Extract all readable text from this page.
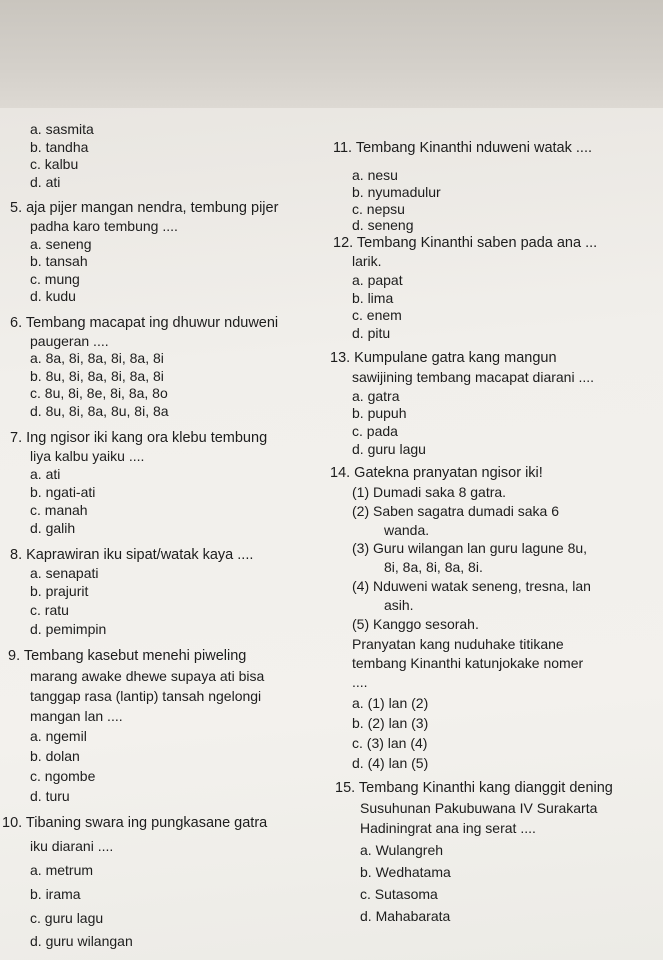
a. sasmita
b. tandha
c. kalbu
d. ati
5. aja pijer mangan nendra, tembung pijer
padha karo tembung ....
a. seneng
b. tansah
c. mung
d. kudu
6. Tembang macapat ing dhuwur nduweni
paugeran ....
a. 8a, 8i, 8a, 8i, 8a, 8i
b. 8u, 8i, 8a, 8i, 8a, 8i
c. 8u, 8i, 8e, 8i, 8a, 8o
d. 8u, 8i, 8a, 8u, 8i, 8a
7. Ing ngisor iki kang ora klebu tembung
liya kalbu yaiku ....
a. ati
b. ngati-ati
c. manah
d. galih
8. Kaprawiran iku sipat/watak kaya ....
a. senapati
b. prajurit
c. ratu
d. pemimpin
9. Tembang kasebut menehi piweling
marang awake dhewe supaya ati bisa
tanggap rasa (lantip) tansah ngelongi
mangan lan ....
a. ngemil
b. dolan
c. ngombe
d. turu
10. Tibaning swara ing pungkasane gatra
iku diarani ....
a. metrum
b. irama
c. guru lagu
d. guru wilangan
11. Tembang Kinanthi nduweni watak ....
a. nesu
b. nyumadulur
c. nepsu
d. seneng
12. Tembang Kinanthi saben pada ana ...
larik.
a. papat
b. lima
c. enem
d. pitu
13. Kumpulane gatra kang mangun
sawijining tembang macapat diarani ....
a. gatra
b. pupuh
c. pada
d. guru lagu
14. Gatekna pranyatan ngisor iki!
(1) Dumadi saka 8 gatra.
(2) Saben sagatra dumadi saka 6
wanda.
(3) Guru wilangan lan guru lagune 8u,
8i, 8a, 8i, 8a, 8i.
(4) Nduweni watak seneng, tresna, lan
asih.
(5) Kanggo sesorah.
Pranyatan kang nuduhake titikane
tembang Kinanthi katunjokake nomer
....
a. (1) lan (2)
b. (2) lan (3)
c. (3) lan (4)
d. (4) lan (5)
15. Tembang Kinanthi kang dianggit dening
Susuhunan Pakubuwana IV Surakarta
Hadiningrat ana ing serat ....
a. Wulangreh
b. Wedhatama
c. Sutasoma
d. Mahabarata
